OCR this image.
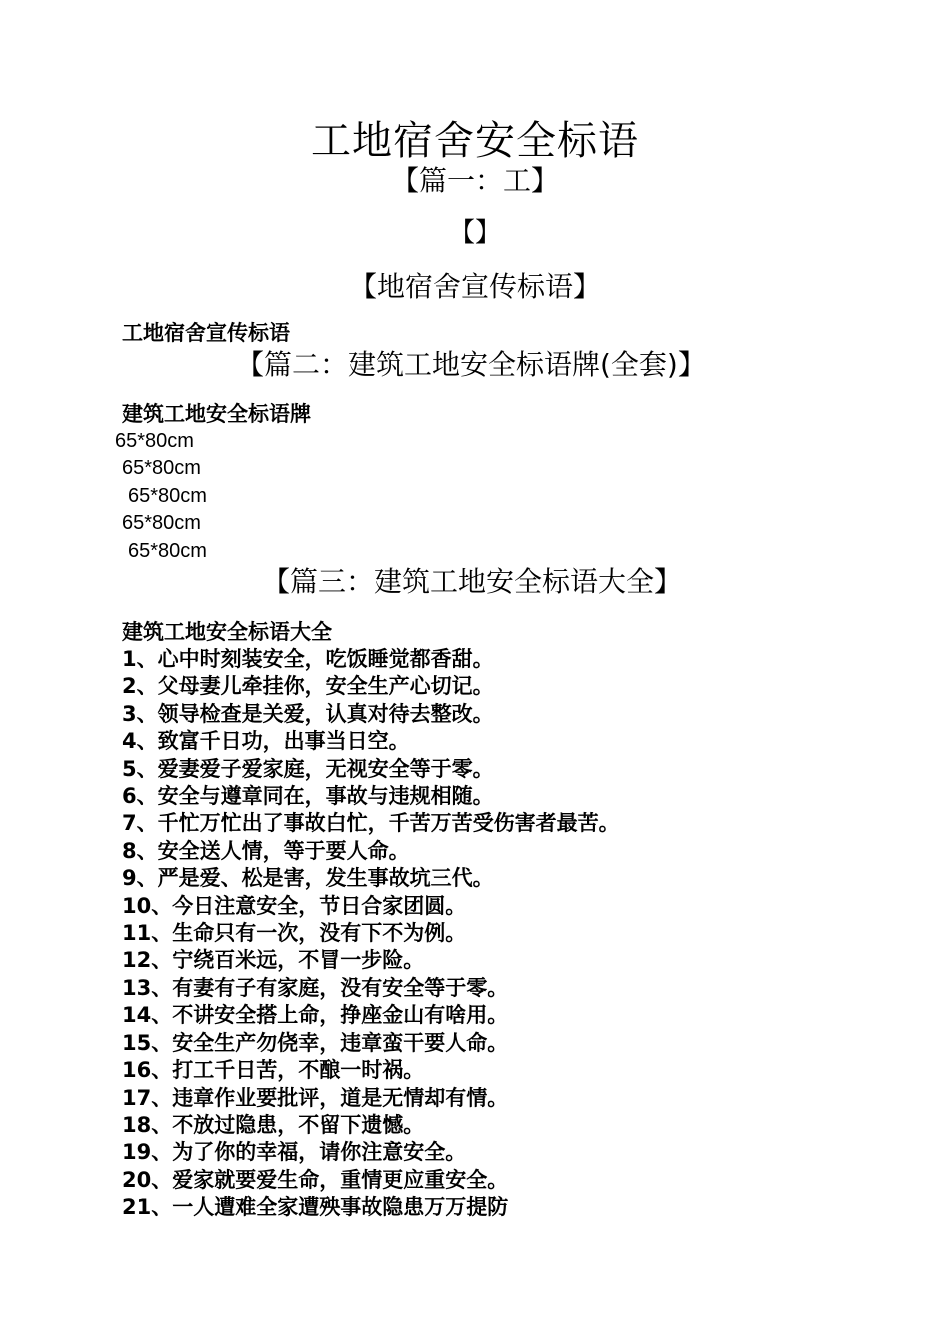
工地宿舍安全标语
【篇一：工】
【】
【地宿舍宣传标语】
工地宿舍宣传标语
【篇二：建筑工地安全标语牌(全套)】
建筑工地安全标语牌
65*80cm
65*80cm
65*80cm
65*80cm
65*80cm
【篇三：建筑工地安全标语大全】
建筑工地安全标语大全
1、心中时刻装安全，吃饭睡觉都香甜。
2、父母妻儿牵挂你，安全生产心切记。
3、领导检查是关爱，认真对待去整改。
4、致富千日功，出事当日空。
5、爱妻爱子爱家庭，无视安全等于零。
6、安全与遵章同在，事故与违规相随。
7、千忙万忙出了事故白忙，千苦万苦受伤害者最苦。
8、安全送人情，等于要人命。
9、严是爱、松是害，发生事故坑三代。
10、今日注意安全，节日合家团圆。
11、生命只有一次，没有下不为例。
12、宁绕百米远，不冒一步险。
13、有妻有子有家庭，没有安全等于零。
14、不讲安全搭上命，挣座金山有啥用。
15、安全生产勿侥幸，违章蛮干要人命。
16、打工千日苦，不酿一时祸。
17、违章作业要批评，道是无情却有情。
18、不放过隐患，不留下遗憾。
19、为了你的幸福，请你注意安全。
20、爱家就要爱生命，重情更应重安全。
21、一人遭难全家遭殃事故隐患万万提防
